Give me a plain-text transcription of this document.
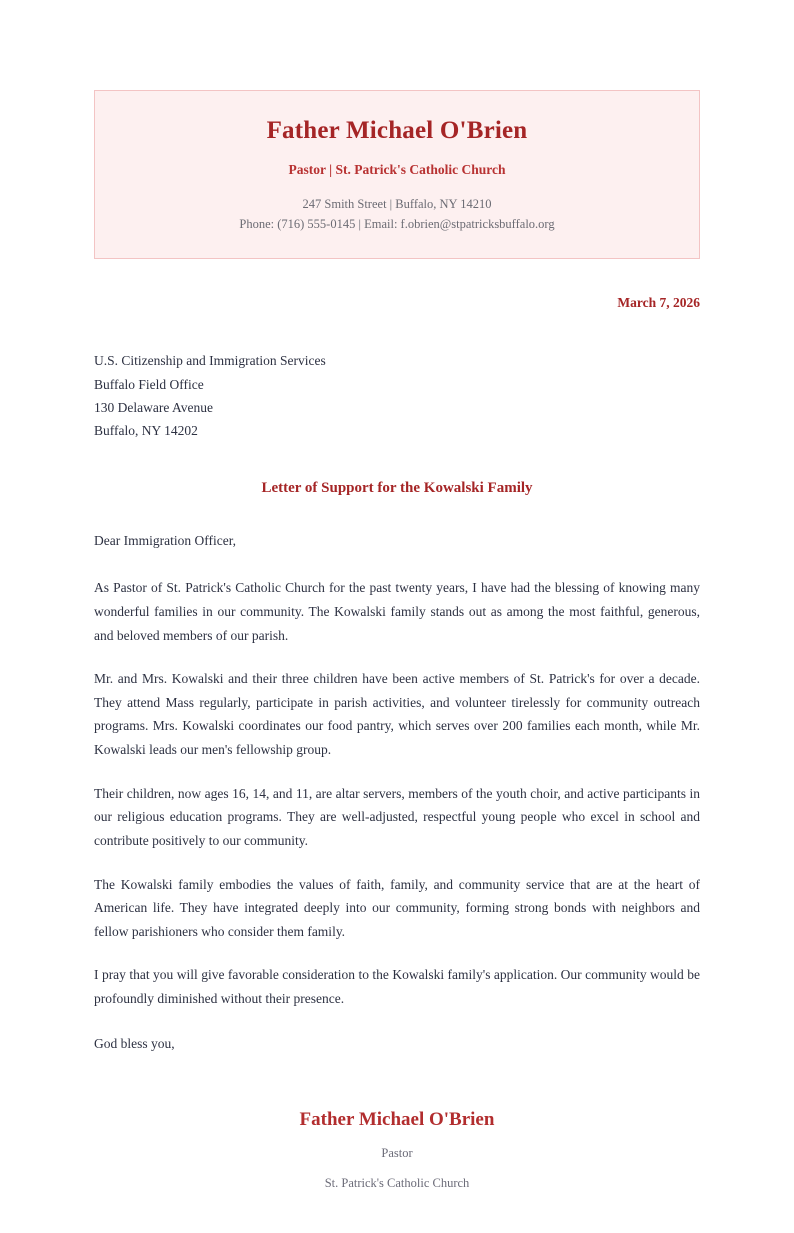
Father Michael O'Brien
Pastor | St. Patrick's Catholic Church
247 Smith Street | Buffalo, NY 14210
Phone: (716) 555-0145 | Email: f.obrien@stpatricksbuffalo.org
March 7, 2026
U.S. Citizenship and Immigration Services
Buffalo Field Office
130 Delaware Avenue
Buffalo, NY 14202
Letter of Support for the Kowalski Family
Dear Immigration Officer,

As Pastor of St. Patrick's Catholic Church for the past twenty years, I have had the blessing of knowing many wonderful families in our community. The Kowalski family stands out as among the most faithful, generous, and beloved members of our parish.

Mr. and Mrs. Kowalski and their three children have been active members of St. Patrick's for over a decade. They attend Mass regularly, participate in parish activities, and volunteer tirelessly for community outreach programs. Mrs. Kowalski coordinates our food pantry, which serves over 200 families each month, while Mr. Kowalski leads our men's fellowship group.

Their children, now ages 16, 14, and 11, are altar servers, members of the youth choir, and active participants in our religious education programs. They are well-adjusted, respectful young people who excel in school and contribute positively to our community.

The Kowalski family embodies the values of faith, family, and community service that are at the heart of American life. They have integrated deeply into our community, forming strong bonds with neighbors and fellow parishioners who consider them family.

I pray that you will give favorable consideration to the Kowalski family's application. Our community would be profoundly diminished without their presence.

God bless you,
Father Michael O'Brien
Pastor
St. Patrick's Catholic Church
